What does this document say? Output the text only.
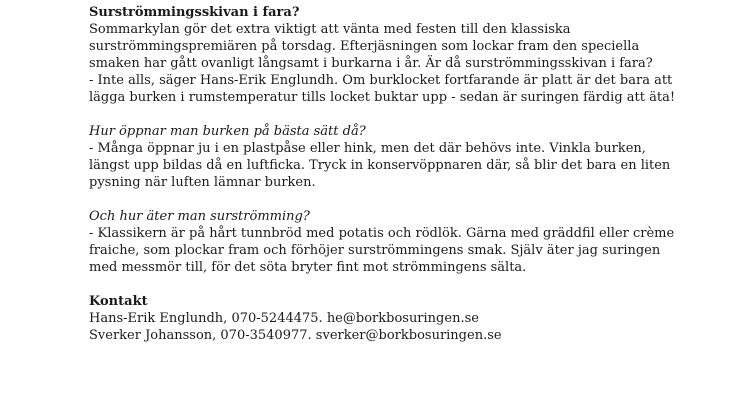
Surströmmingsskivan i fara?

Sommarkylan gör det extra viktigt att vänta med festen till den klassiska

surströmmingspremiären på torsdag. Efterjäsningen som lockar fram den speciella

smaken har gått ovanligt långsamt i burkarna i år. Är då surströmmingsskivan i fara?

- Inte alls, säger Hans-Erik Englundh. Om burklocket fortfarande är platt är det bara att

lägga burken i rumstemperatur tills locket buktar upp - sedan är suringen färdig att äta!

Hur öppnar man burken på bästa sätt då?

- Många öppnar ju i en plastpåse eller hink, men det där behövs inte. Vinkla burken,

längst upp bildas då en luftficka. Tryck in konservöppnaren där, så blir det bara en liten

pysning när luften lämnar burken.

Och hur äter man surströmming?

- Klassikern är på hårt tunnbröd med potatis och rödlök. Gärna med gräddfil eller crème

fraiche, som plockar fram och förhöjer surströmmingens smak. Själv äter jag suringen

med messmör till, för det söta bryter fint mot strömmingens sälta.

Kontakt

Hans-Erik Englundh, 070-5244475. he@borkbosuringen.se

Sverker Johansson, 070-3540977. sverker@borkbosuringen.se
